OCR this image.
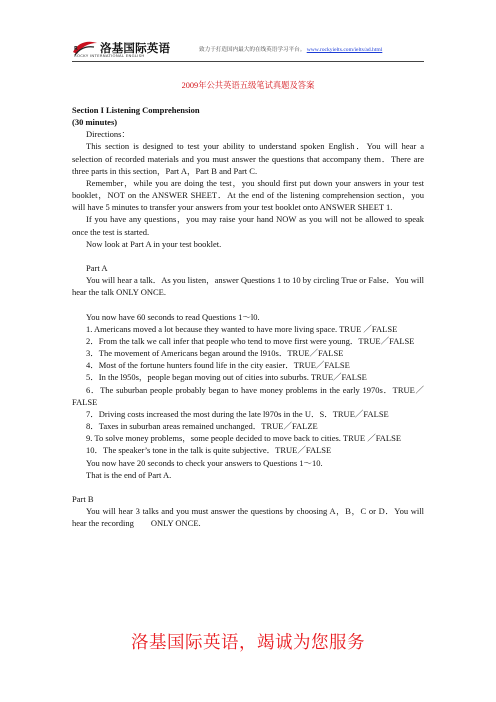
R 洛基国际英语
ROCKY INTERNATIONAL ENGLISH
致力于打造国内最大的在线英语学习平台。 www.rockyielts.com/ielts/ad.html
2009年公共英语五级笔试真题及答案

Section I Listening Comprehension

(30 minutes)

Directions：

This section is designed to test your ability to understand spoken English．You will hear a selection of recorded materials and you must answer the questions that accompany them．There are three parts in this section，Part A，Part B and Part C.

Remember，while you are doing the test，you should first put down your answers in your test booklet，NOT on the ANSWER SHEET．At the end of the listening comprehension section，you will have 5 minutes to transfer your answers from your test booklet onto ANSWER SHEET 1.

If you have any questions，you may raise your hand NOW as you will not be allowed to speak once the test is started.

Now look at Part A in your test booklet.

Part A

You will hear a talk．As you listen，answer Questions 1 to 10 by circling True or False．You will hear the talk ONLY ONCE.

You now have 60 seconds to read Questions 1～l0.

1. Americans moved a lot because they wanted to have more living space. TRUE ／FALSE

2．From the talk we call infer that people who tend to move first were young．TRUE／FALSE

3．The movement of Americans began around the l910s．TRUE／FALSE

4．Most of the fortune hunters found life in the city easier．TRUE／FALSE

5．In the l950s，people began moving out of cities into suburbs. TRUE／FALSE

6．The suburban people probably began to have money problems in the early 1970s．TRUE／FALSE

7．Driving costs increased the most during the late l970s in the U．S．TRUE／FALSE

8．Taxes in suburban areas remained unchanged．TRUE／FALZE

9. To solve money problems，some people decided to move back to cities. TRUE ／FALSE

10．The speaker’s tone in the talk is quite subjective．TRUE／FALSE

You now have 20 seconds to check your answers to Questions 1～10.

That is the end of Part A.

Part B

You will hear 3 talks and you must answer the questions by choosing A，B，C or D．You will hear the recording        ONLY ONCE.

洛基国际英语，竭诚为您服务
